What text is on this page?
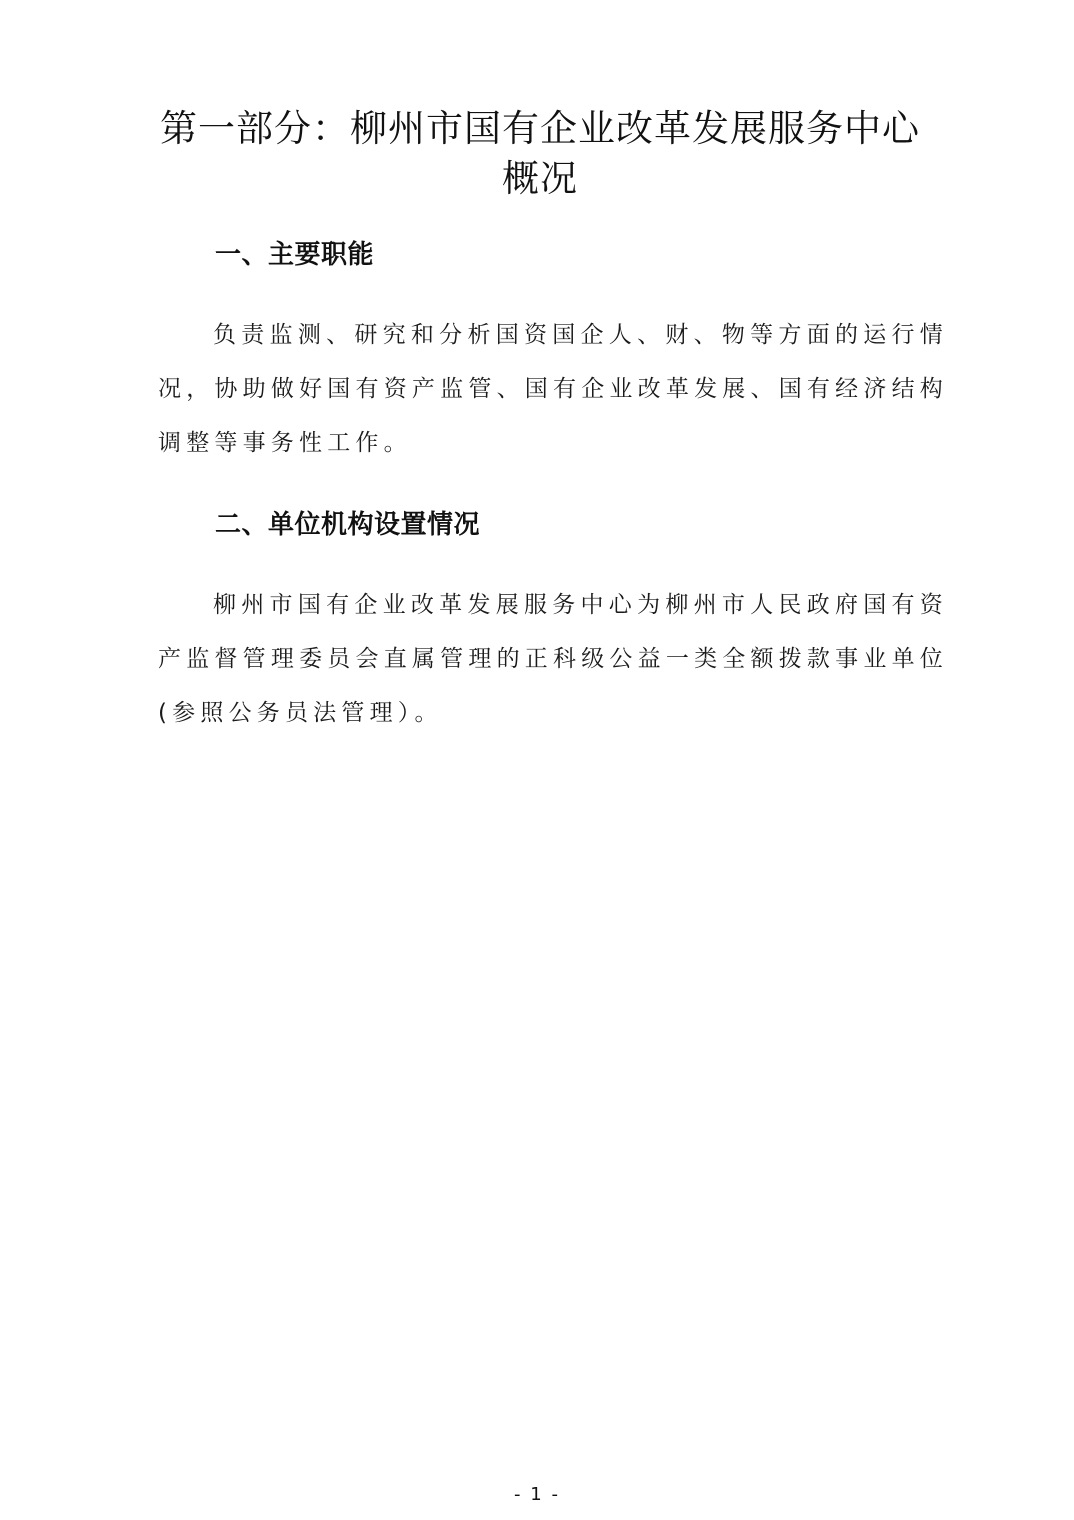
第一部分：柳州市国有企业改革发展服务中心概况
一、主要职能
负责监测、研究和分析国资国企人、财、物等方面的运行情况，协助做好国有资产监管、国有企业改革发展、国有经济结构调整等事务性工作。
二、单位机构设置情况
柳州市国有企业改革发展服务中心为柳州市人民政府国有资产监督管理委员会直属管理的正科级公益一类全额拨款事业单位(参照公务员法管理）。
- 1 -
